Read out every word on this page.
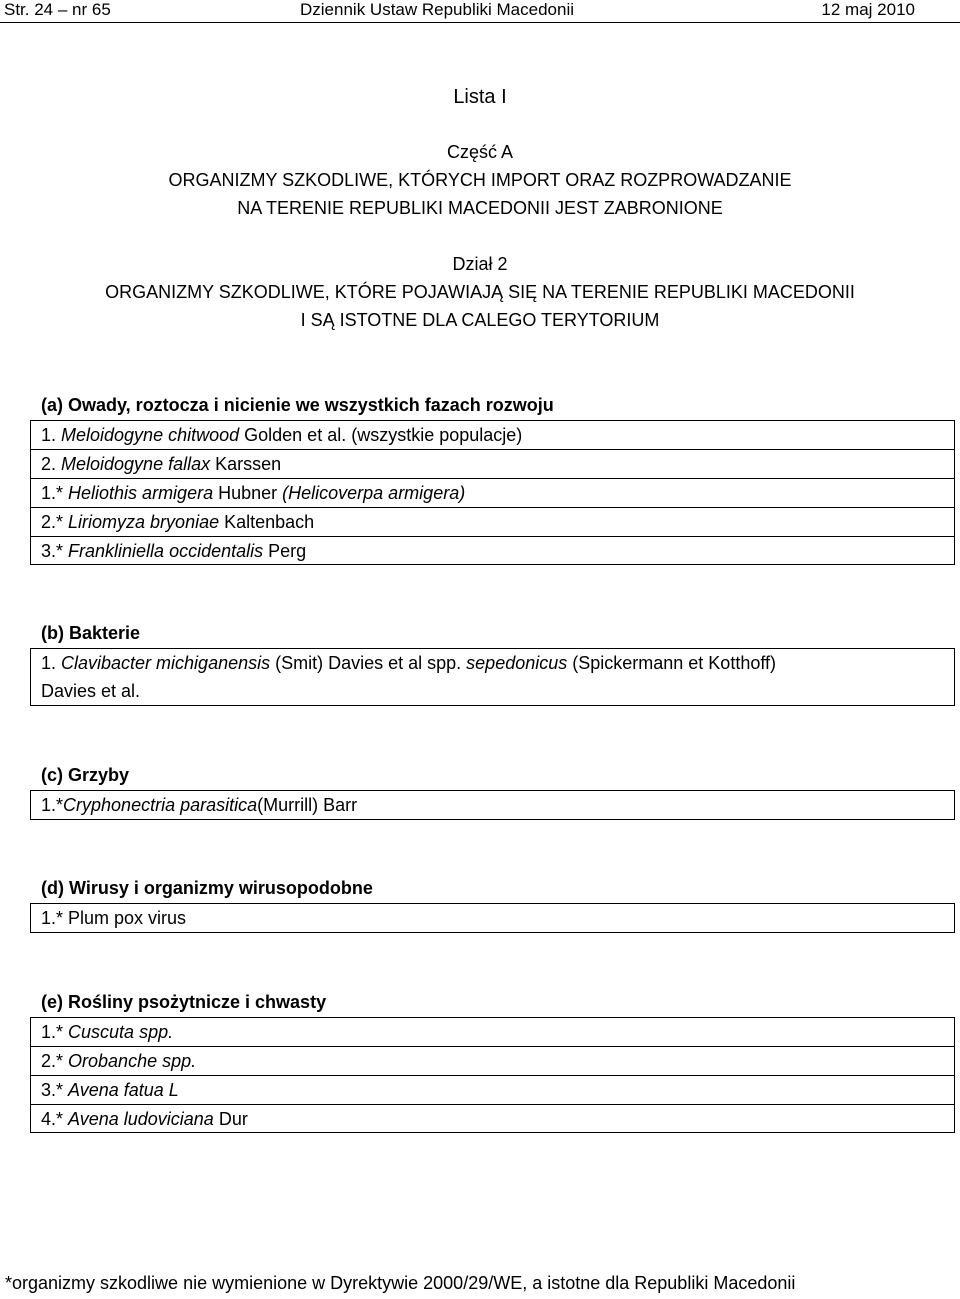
Str. 24 – nr 65	Dziennik Ustaw Republiki Macedonii	12 maj 2010
Lista I
Część A
ORGANIZMY SZKODLIWE, KTÓRYCH IMPORT ORAZ ROZPROWADZANIE
NA TERENIE REPUBLIKI MACEDONII JEST ZABRONIONE
Dział 2
ORGANIZMY SZKODLIWE, KTÓRE POJAWIAJĄ SIĘ NA TERENIE REPUBLIKI MACEDONII
I SĄ ISTOTNE DLA CALEGO TERYTORIUM
(a) Owady, roztocza i nicienie we wszystkich fazach rozwoju
1. Meloidogyne chitwood Golden et al. (wszystkie populacje)
2. Meloidogyne fallax Karssen
1.* Heliothis armigera Hubner (Helicoverpa armigera)
2.* Liriomyza bryoniae Kaltenbach
3.* Frankliniella occidentalis Perg
(b) Bakterie
1. Clavibacter michiganensis (Smit) Davies et al spp. sepedonicus (Spickermann et Kotthoff)
Davies et al.
(c) Grzyby
1.*Cryphonectria parasitica(Murrill) Barr
(d) Wirusy i organizmy wirusopodobne
1.* Plum pox virus
(e) Rośliny psożytnicze i chwasty
1.* Cuscuta spp.
2.* Orobanche spp.
3.* Avena fatua L
4.* Avena ludoviciana Dur
*organizmy szkodliwe nie wymienione w Dyrektywie 2000/29/WE, a istotne dla Republiki Macedonii
